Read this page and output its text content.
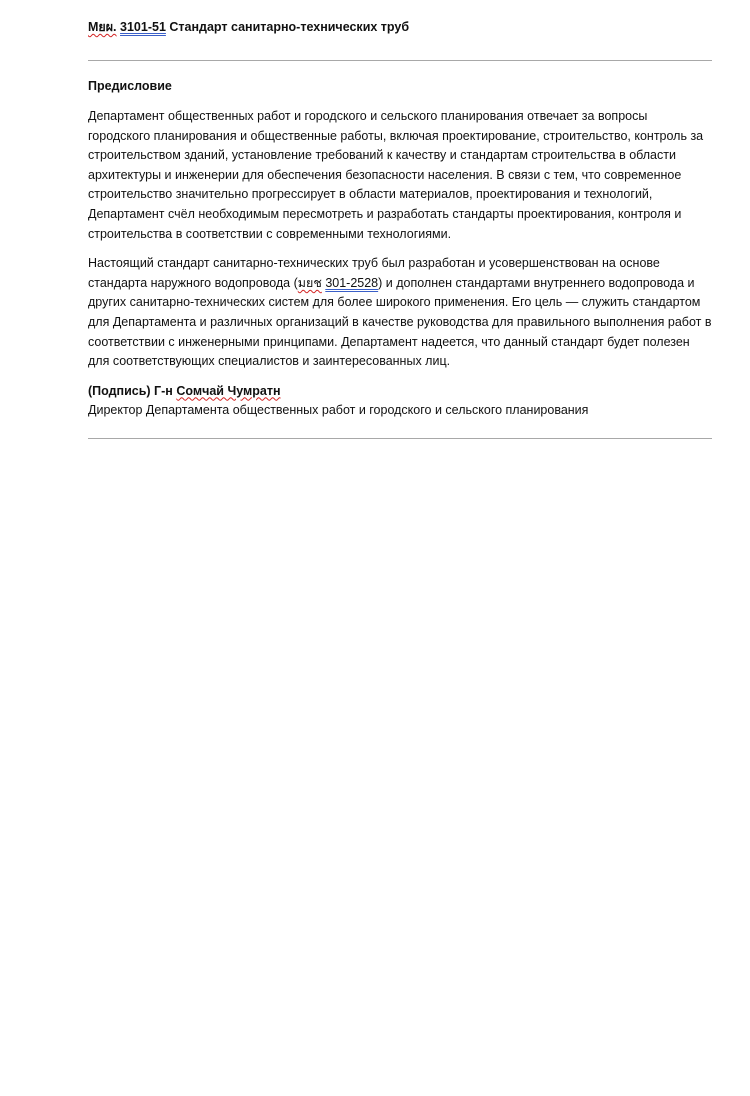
Мยผ. 3101-51 Стандарт санитарно-технических труб
Предисловие
Департамент общественных работ и городского и сельского планирования отвечает за вопросы городского планирования и общественные работы, включая проектирование, строительство, контроль за строительством зданий, установление требований к качеству и стандартам строительства в области архитектуры и инженерии для обеспечения безопасности населения. В связи с тем, что современное строительство значительно прогрессирует в области материалов, проектирования и технологий, Департамент счёл необходимым пересмотреть и разработать стандарты проектирования, контроля и строительства в соответствии с современными технологиями.
Настоящий стандарт санитарно-технических труб был разработан и усовершенствован на основе стандарта наружного водопровода (มยช 301-2528) и дополнен стандартами внутреннего водопровода и других санитарно-технических систем для более широкого применения. Его цель — служить стандартом для Департамента и различных организаций в качестве руководства для правильного выполнения работ в соответствии с инженерными принципами. Департамент надеется, что данный стандарт будет полезен для соответствующих специалистов и заинтересованных лиц.
(Подпись) Г-н Сомчай Чумратн
Директор Департамента общественных работ и городского и сельского планирования
